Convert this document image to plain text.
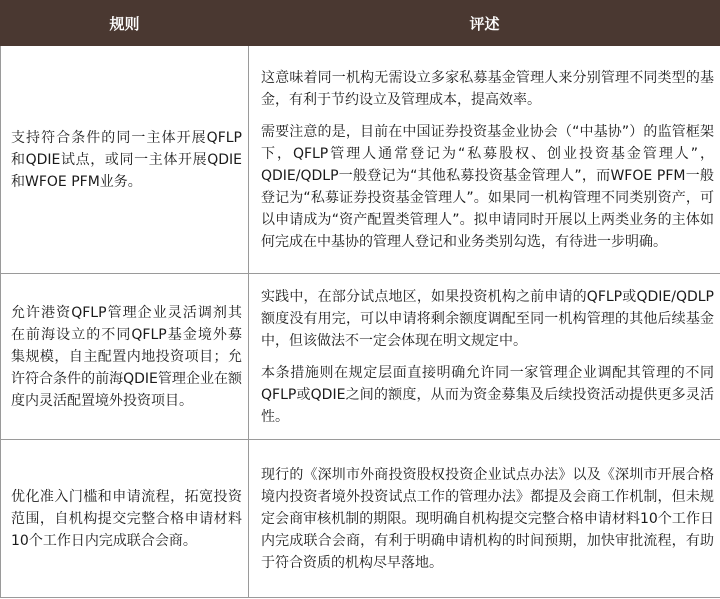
规则	评述

支持符合条件的同一主体开展QFLP和QDIE试点，或同一主体开展QDIE和WFOE PFM业务。	这意味着同一机构无需设立多家私募基金管理人来分别管理不同类型的基金，有利于节约设立及管理成本，提高效率。

需要注意的是，目前在中国证券投资基金业协会（“中基协”）的监管框架下，QFLP管理人通常登记为“私募股权、创业投资基金管理人”，QDIE/QDLP一般登记为“其他私募投资基金管理人”，而WFOE PFM一般登记为“私募证券投资基金管理人”。如果同一机构管理不同类别资产，可以申请成为“资产配置类管理人”。拟申请同时开展以上两类业务的主体如何完成在中基协的管理人登记和业务类别勾选，有待进一步明确。

允许港资QFLP管理企业灵活调剂其在前海设立的不同QFLP基金境外募集规模，自主配置内地投资项目；允许符合条件的前海QDIE管理企业在额度内灵活配置境外投资项目。	实践中，在部分试点地区，如果投资机构之前申请的QFLP或QDIE/QDLP额度没有用完，可以申请将剩余额度调配至同一机构管理的其他后续基金中，但该做法不一定会体现在明文规定中。

本条措施则在规定层面直接明确允许同一家管理企业调配其管理的不同QFLP或QDIE之间的额度，从而为资金募集及后续投资活动提供更多灵活性。

优化准入门槛和申请流程，拓宽投资范围，自机构提交完整合格申请材料10个工作日内完成联合会商。	现行的《深圳市外商投资股权投资企业试点办法》以及《深圳市开展合格境内投资者境外投资试点工作的管理办法》都提及会商工作机制，但未规定会商审核机制的期限。现明确自机构提交完整合格申请材料10个工作日内完成联合会商，有利于明确申请机构的时间预期，加快审批流程，有助于符合资质的机构尽早落地。
